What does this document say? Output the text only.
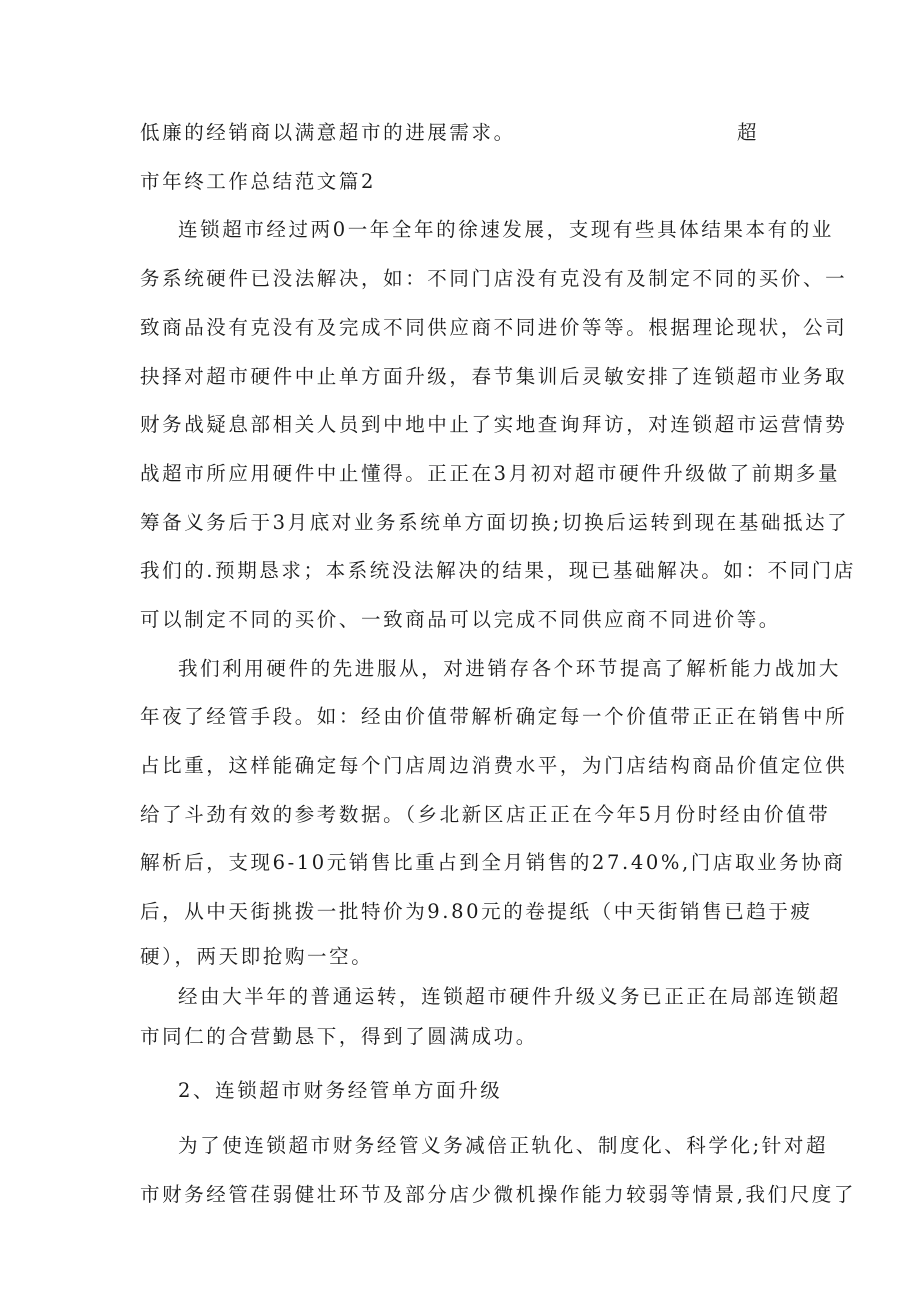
低廉的经销商以满意超市的进展需求。	超
市年终工作总结范文篇2
连锁超市经过两0一年全年的徐速发展，支现有些具体结果本有的业
务系统硬件已没法解决，如：不同门店没有克没有及制定不同的买价、一
致商品没有克没有及完成不同供应商不同进价等等。根据理论现状，公司
抉择对超市硬件中止单方面升级，春节集训后灵敏安排了连锁超市业务取
财务战疑息部相关人员到中地中止了实地查询拜访，对连锁超市运营情势
战超市所应用硬件中止懂得。正正在3月初对超市硬件升级做了前期多量
筹备义务后于3月底对业务系统单方面切换;切换后运转到现在基础抵达了
我们的.预期恳求；本系统没法解决的结果，现已基础解决。如：不同门店
可以制定不同的买价、一致商品可以完成不同供应商不同进价等。
我们利用硬件的先进服从，对进销存各个环节提高了解析能力战加大
年夜了经管手段。如：经由价值带解析确定每一个价值带正正在销售中所
占比重，这样能确定每个门店周边消费水平，为门店结构商品价值定位供
给了斗劲有效的参考数据。（乡北新区店正正在今年5月份时经由价值带
解析后，支现6-10元销售比重占到全月销售的27.40%,门店取业务协商
后，从中天街挑拨一批特价为9.80元的卷提纸（中天街销售已趋于疲
硬），两天即抢购一空。
经由大半年的普通运转，连锁超市硬件升级义务已正正在局部连锁超
市同仁的合营勤恳下，得到了圆满成功。
2、连锁超市财务经管单方面升级
为了使连锁超市财务经管义务减倍正轨化、制度化、科学化;针对超
市财务经管荏弱健壮环节及部分店少微机操作能力较弱等情景,我们尺度了
